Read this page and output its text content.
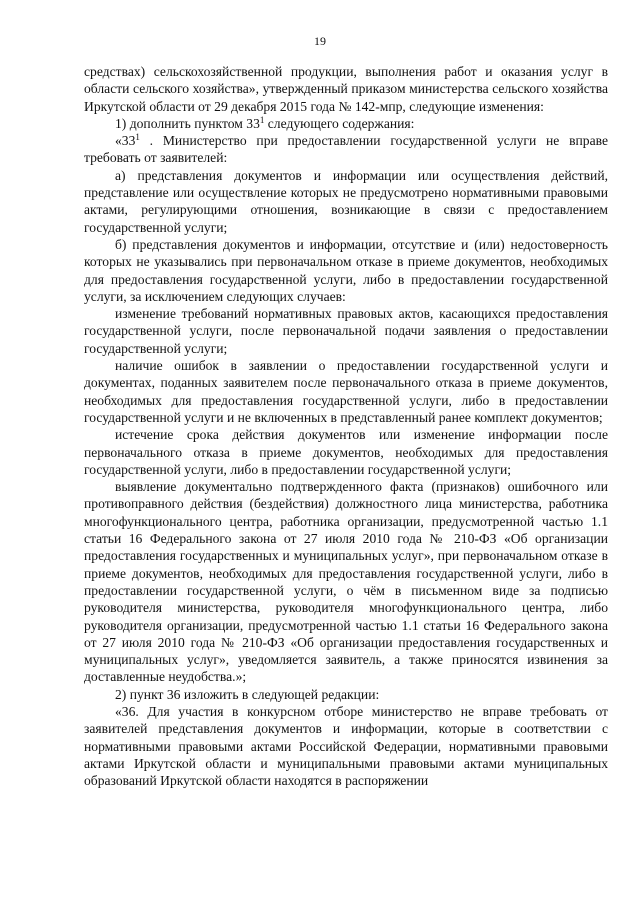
19

средствах) сельскохозяйственной продукции, выполнения работ и оказания услуг в области сельского хозяйства», утвержденный приказом министерства сельского хозяйства Иркутской области от 29 декабря 2015 года № 142-мпр, следующие изменения:

1) дополнить пунктом $33^1$ следующего содержания:

«$33^1$ . Министерство при предоставлении государственной услуги не вправе требовать от заявителей:

а) представления документов и информации или осуществления действий, представление или осуществление которых не предусмотрено нормативными правовыми актами, регулирующими отношения, возникающие в связи с предоставлением государственной услуги;

б) представления документов и информации, отсутствие и (или) недостоверность которых не указывались при первоначальном отказе в приеме документов, необходимых для предоставления государственной услуги, либо в предоставлении государственной услуги, за исключением следующих случаев:

изменение требований нормативных правовых актов, касающихся предоставления государственной услуги, после первоначальной подачи заявления о предоставлении государственной услуги;

наличие ошибок в заявлении о предоставлении государственной услуги и документах, поданных заявителем после первоначального отказа в приеме документов, необходимых для предоставления государственной услуги, либо в предоставлении государственной услуги и не включенных в представленный ранее комплект документов;

истечение срока действия документов или изменение информации после первоначального отказа в приеме документов, необходимых для предоставления государственной услуги, либо в предоставлении государственной услуги;

выявление документально подтвержденного факта (признаков) ошибочного или противоправного действия (бездействия) должностного лица министерства, работника многофункционального центра, работника организации, предусмотренной частью 1.1 статьи 16 Федерального закона от 27 июля 2010 года № 210-ФЗ «Об организации предоставления государственных и муниципальных услуг», при первоначальном отказе в приеме документов, необходимых для предоставления государственной услуги, либо в предоставлении государственной услуги, о чём в письменном виде за подписью руководителя министерства, руководителя многофункционального центра, либо руководителя организации, предусмотренной частью 1.1 статьи 16 Федерального закона от 27 июля 2010 года № 210-ФЗ «Об организации предоставления государственных и муниципальных услуг», уведомляется заявитель, а также приносятся извинения за доставленные неудобства.»;

2) пункт 36 изложить в следующей редакции:

«36. Для участия в конкурсном отборе министерство не вправе требовать от заявителей представления документов и информации, которые в соответствии с нормативными правовыми актами Российской Федерации, нормативными правовыми актами Иркутской области и муниципальными правовыми актами муниципальных образований Иркутской области находятся в распоряжении
